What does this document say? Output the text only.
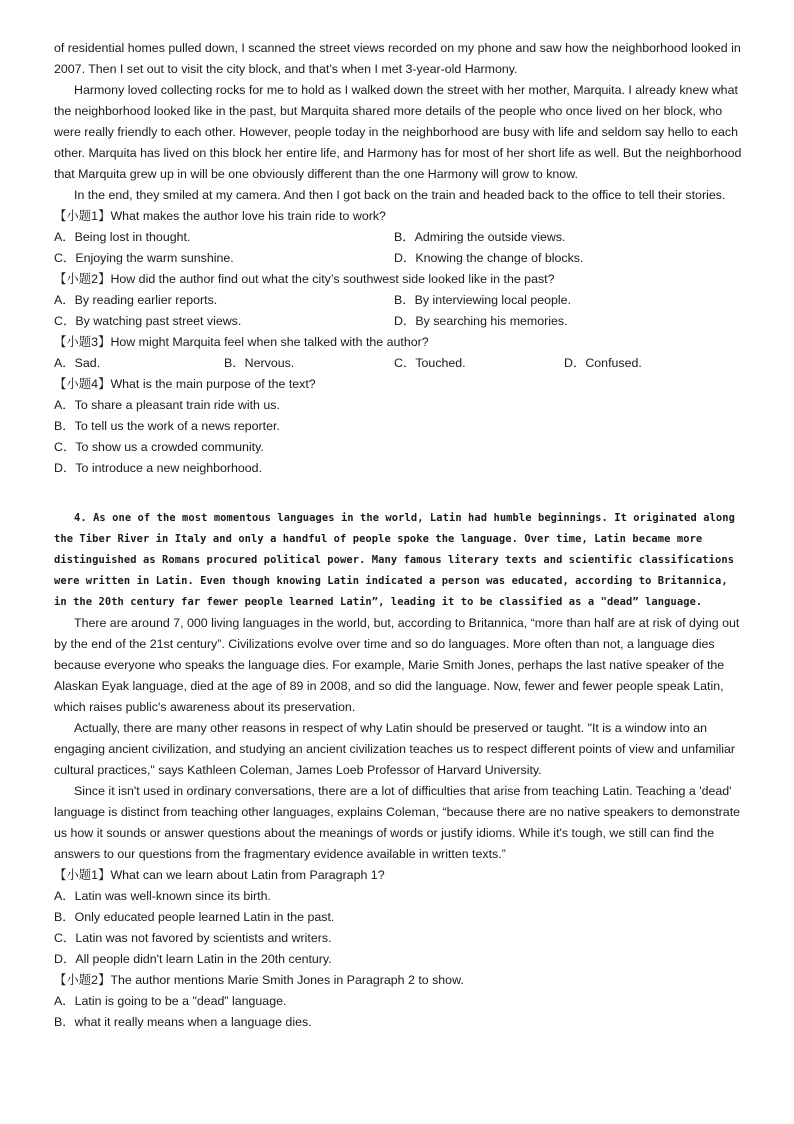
of residential homes pulled down, I scanned the street views recorded on my phone and saw how the neighborhood looked in 2007. Then I set out to visit the city block, and that’s when I met 3-year-old Harmony.

Harmony loved collecting rocks for me to hold as I walked down the street with her mother, Marquita. I already knew what the neighborhood looked like in the past, but Marquita shared more details of the people who once lived on her block, who were really friendly to each other. However, people today in the neighborhood are busy with life and seldom say hello to each other. Marquita has lived on this block her entire life, and Harmony has for most of her short life as well. But the neighborhood that Marquita grew up in will be one obviously different than the one Harmony will grow to know.

In the end, they smiled at my camera. And then I got back on the train and headed back to the office to tell their stories.

【小题1】What makes the author love his train ride to work?

A．Being lost in thought.	B．Admiring the outside views.
C．Enjoying the warm sunshine.	D．Knowing the change of blocks.

【小题2】How did the author find out what the city’s southwest side looked like in the past?

A．By reading earlier reports.	B．By interviewing local people.
C．By watching past street views.	D．By searching his memories.

【小题3】How might Marquita feel when she talked with the author?

A．Sad.	B．Nervous.	C．Touched.	D．Confused.

【小题4】What is the main purpose of the text?

A．To share a pleasant train ride with us.
B．To tell us the work of a news reporter.
C．To show us a crowded community.
D．To introduce a new neighborhood.

4. As one of the most momentous languages in the world, Latin had humble beginnings. It originated along the Tiber River in Italy and only a handful of people spoke the language. Over time, Latin became more distinguished as Romans procured political power. Many famous literary texts and scientific classifications were written in Latin. Even though knowing Latin indicated a person was educated, according to Britannica, in the 20th century far fewer people learned Latin”, leading it to be classified as a "dead” language.

There are around 7, 000 living languages in the world, but, according to Britannica, “more than half are at risk of dying out by the end of the 21st century”. Civilizations evolve over time and so do languages. More often than not, a language dies because everyone who speaks the language dies. For example, Marie Smith Jones, perhaps the last native speaker of the Alaskan Eyak language, died at the age of 89 in 2008, and so did the language. Now, fewer and fewer people speak Latin, which raises public's awareness about its preservation.

Actually, there are many other reasons in respect of why Latin should be preserved or taught. "It is a window into an engaging ancient civilization, and studying an ancient civilization teaches us to respect different points of view and unfamiliar cultural practices," says Kathleen Coleman, James Loeb Professor of Harvard University.

Since it isn't used in ordinary conversations, there are a lot of difficulties that arise from teaching Latin. Teaching a 'dead' language is distinct from teaching other languages, explains Coleman, “because there are no native speakers to demonstrate us how it sounds or answer questions about the meanings of words or justify idioms. While it's tough, we still can find the answers to our questions from the fragmentary evidence available in written texts.”

【小题1】What can we learn about Latin from Paragraph 1?

A．Latin was well-known since its birth.
B．Only educated people learned Latin in the past.
C．Latin was not favored by scientists and writers.
D．All people didn't learn Latin in the 20th century.

【小题2】The author mentions Marie Smith Jones in Paragraph 2 to show.

A．Latin is going to be a "dead” language.
B．what it really means when a language dies.
